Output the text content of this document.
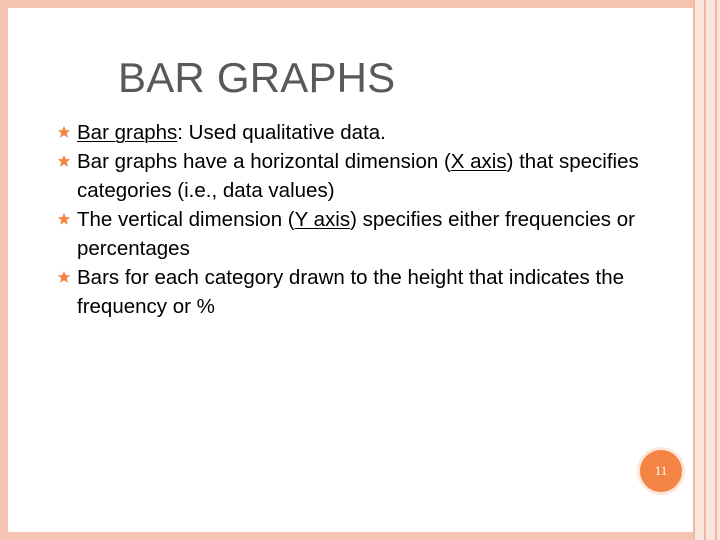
BAR GRAPHS
Bar graphs: Used qualitative data.
Bar graphs have a horizontal dimension (X axis) that specifies categories (i.e., data values)
The vertical dimension (Y axis) specifies either frequencies or percentages
Bars for each category drawn to the height that indicates the frequency or %
11
